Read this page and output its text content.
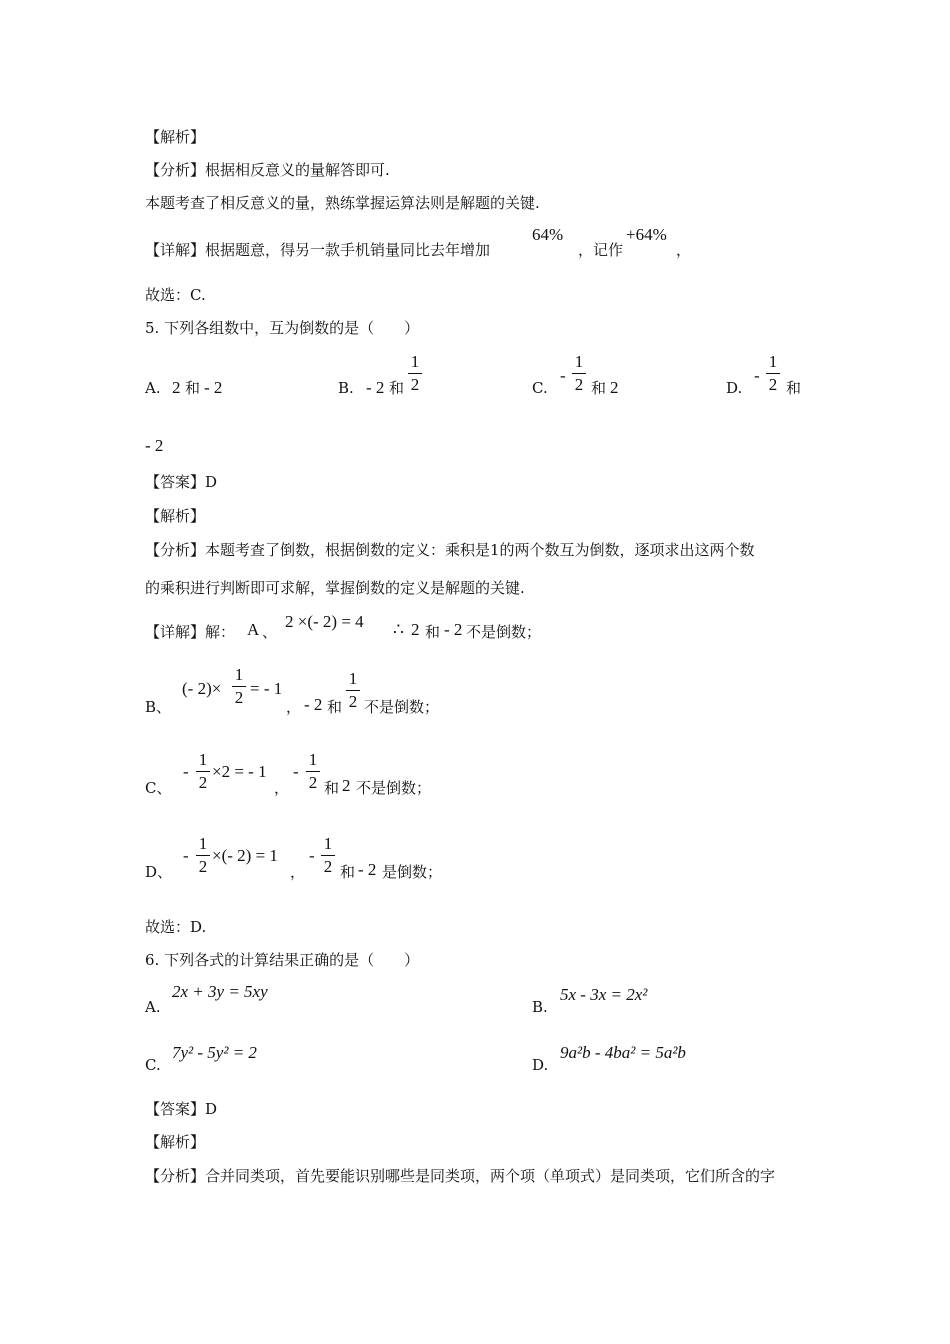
【解析】
【分析】根据相反意义的量解答即可.
本题考查了相反意义的量，熟练掌握运算法则是解题的关键.
【详解】根据题意，得另一款手机销量同比去年增加
64%
，记作
+64%
，
故选：C.
5. 下列各组数中，互为倒数的是（　　）
A. 2 和 - 2	B. - 2 和
1
2	C.
-
1
2 和 2	D.
-
1
2 和
- 2
【答案】D
【解析】
【分析】本题考查了倒数，根据倒数的定义：乘积是1的两个数互为倒数，逐项求出这两个数
的乘积进行判断即可求解，掌握倒数的定义是解题的关键.
【详解】解： A 、
2 ×(- 2) = 4 ∴ 2 和 - 2 不是倒数；
B、
(- 2)×
1
2 = - 1
， - 2 和
1
2 不是倒数；
C、
-
1
2
×2 = - 1
，
-
1
2 和 2 不是倒数；
D、
-
1
2
×(- 2) = 1
，
-
1
2 和 - 2 是倒数；
故选：D.
6. 下列各式的计算结果正确的是（　　）
A.
2x + 3y = 5xy
B.
5x - 3x = 2x²
C.
7y² - 5y² = 2
D.
9a²b - 4ba² = 5a²b
【答案】D
【解析】
【分析】合并同类项，首先要能识别哪些是同类项，两个项（单项式）是同类项，它们所含的字
